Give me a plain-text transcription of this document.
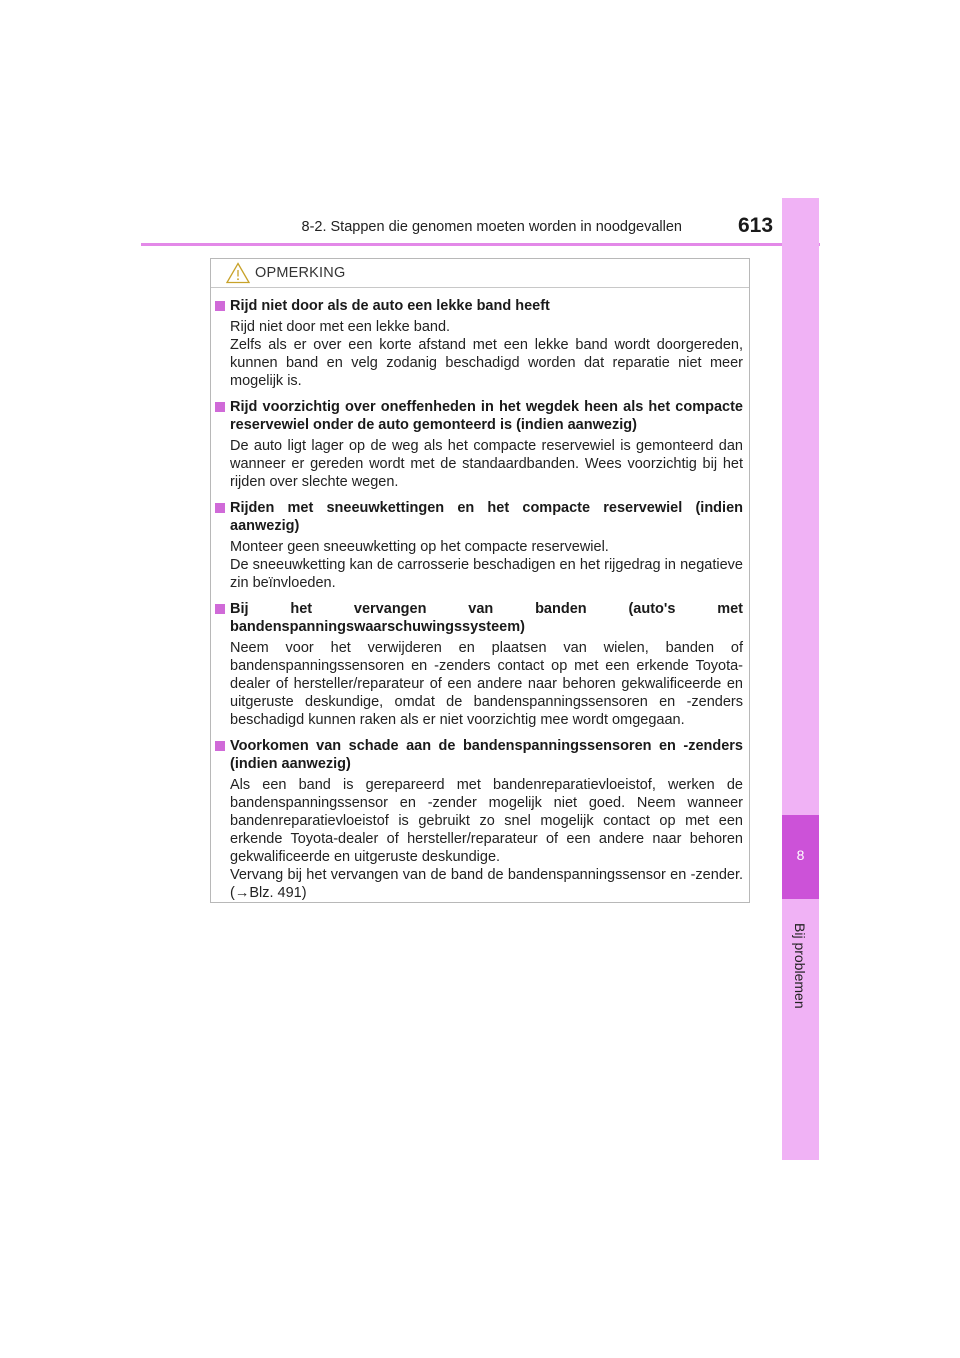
8-2. Stappen die genomen moeten worden in noodgevallen	613
8
Bij problemen
OPMERKING
Rijd niet door als de auto een lekke band heeft

Rijd niet door met een lekke band.

Zelfs als er over een korte afstand met een lekke band wordt doorgereden, kunnen band en velg zodanig beschadigd worden dat reparatie niet meer mogelijk is.

Rijd voorzichtig over oneffenheden in het wegdek heen als het compacte reservewiel onder de auto gemonteerd is (indien aanwezig)

De auto ligt lager op de weg als het compacte reservewiel is gemonteerd dan wanneer er gereden wordt met de standaardbanden. Wees voorzichtig bij het rijden over slechte wegen.

Rijden met sneeuwkettingen en het compacte reservewiel (indien aanwezig)

Monteer geen sneeuwketting op het compacte reservewiel.

De sneeuwketting kan de carrosserie beschadigen en het rijgedrag in negatieve zin beïnvloeden.

Bij het vervangen van banden (auto's met bandenspanningswaarschuwingssysteem)

Neem voor het verwijderen en plaatsen van wielen, banden of bandenspanningssensoren en -zenders contact op met een erkende Toyota-dealer of hersteller/reparateur of een andere naar behoren gekwalificeerde en uitgeruste deskundige, omdat de bandenspanningssensoren en -zenders beschadigd kunnen raken als er niet voorzichtig mee wordt omgegaan.

Voorkomen van schade aan de bandenspanningssensoren en -zenders (indien aanwezig)

Als een band is gerepareerd met bandenreparatievloeistof, werken de bandenspanningssensor en -zender mogelijk niet goed. Neem wanneer bandenreparatievloeistof is gebruikt zo snel mogelijk contact op met een erkende Toyota-dealer of hersteller/reparateur of een andere naar behoren gekwalificeerde en uitgeruste deskundige.

Vervang bij het vervangen van de band de bandenspanningssensor en -zender. (→Blz. 491)
